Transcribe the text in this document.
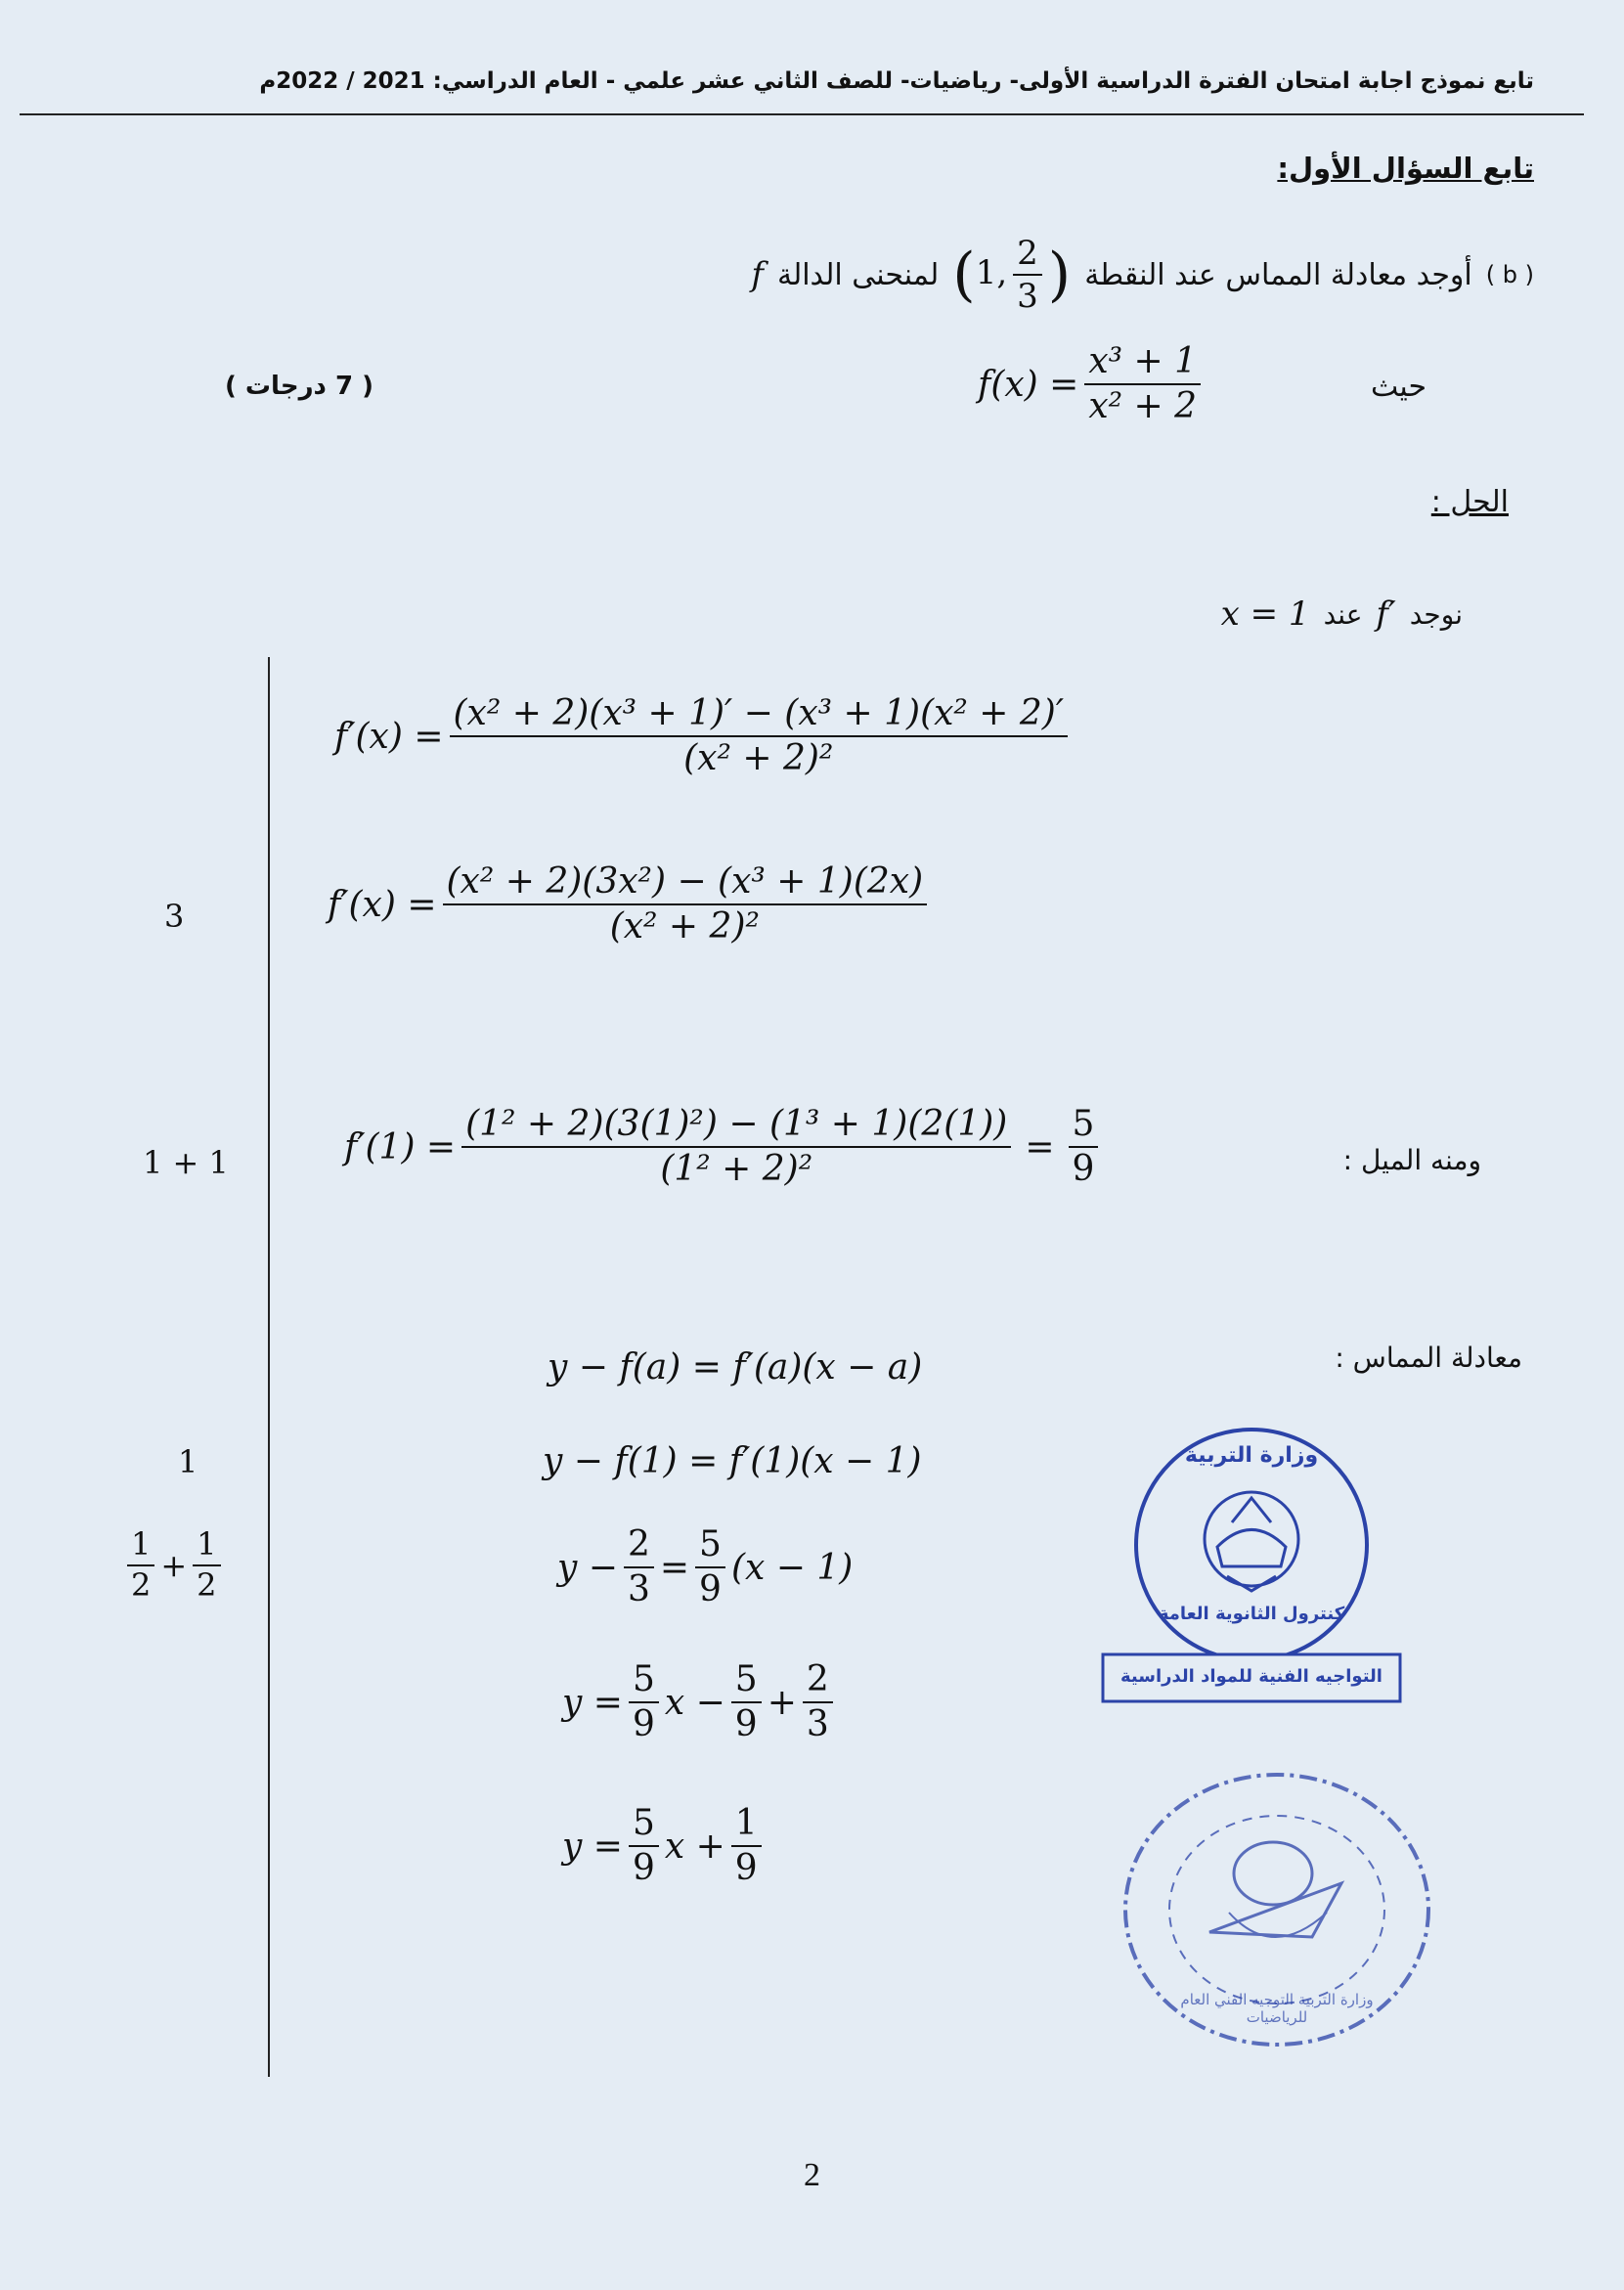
تابع نموذج اجابة امتحان الفترة الدراسية الأولى- رياضيات- للصف الثاني عشر علمي - العام الدراسي: 2021 / 2022م
تابع السؤال الأول:
( b )
أوجد معادلة المماس عند النقطة
(1, $\frac{2}{3}$ )
لمنحنى الدالة
f
حيث
$f(x) = \frac{\text{x³ + 1}}{\text{x² + 2}}$
( 7 درجات )
الحل :
نوجد
f′
عند
x = 1
$f'(x) = \frac{\text{(x² + 2)(x³ + 1)′ − (x³ + 1)(x² + 2)′}}{\text{(x² + 2)²}}$
$f'(x) = \frac{\text{(x² + 2)(3x²) − (x³ + 1)(2x)}}{\text{(x² + 2)²}}$
3
ومنه الميل :
$f'(1) = \frac{\text{(1² + 2)(3(1)²) − (1³ + 1)(2(1))}}{\text{(1² + 2)²}} = \frac{5}{9}$
1 + 1
معادلة المماس :
y − f(a) = f′(a)(x − a)
y − f(1) = f′(1)(x − 1)
1
$y - \frac{2}{3} = \frac{5}{9} (x - 1)$
$\frac{1}{2} + \frac{1}{2}$
$y = \frac{5}{9}$ $x - \frac{5}{9} + \frac{2}{3}$
$y = \frac{5}{9}$ $x + \frac{1}{9}$
وزارة التربية
كنترول الثانوية العامة
التواجيه الفنية للمواد الدراسية
وزارة التربية التوجيه الفني العام للرياضيات
2
